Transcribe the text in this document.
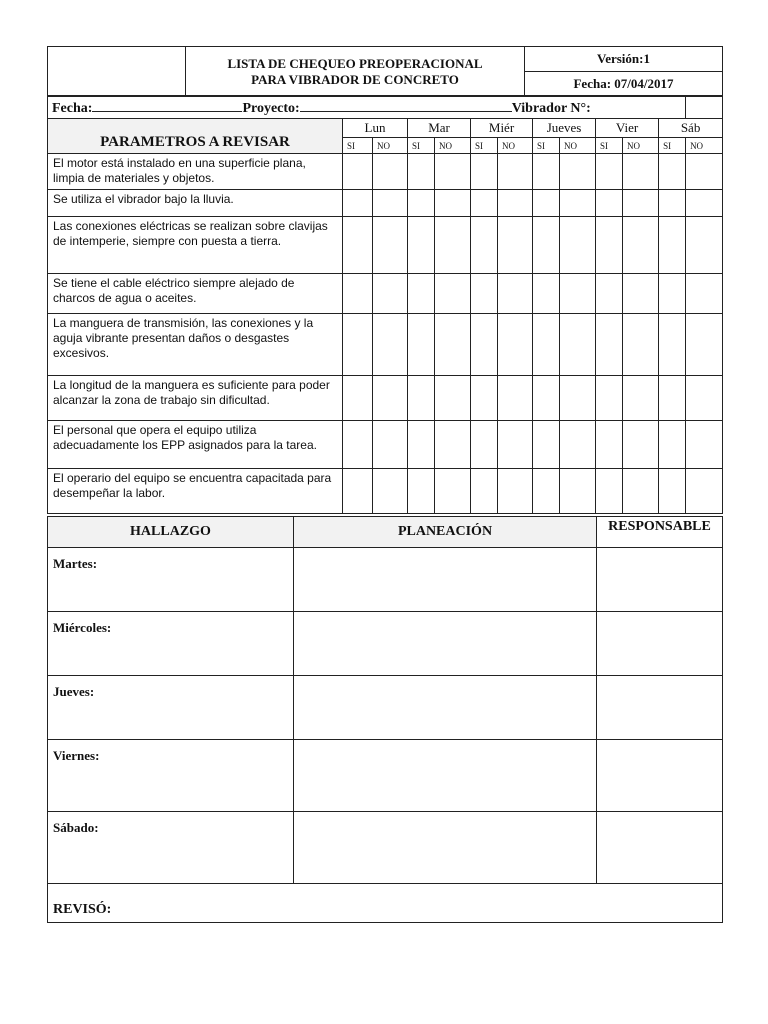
LISTA DE CHEQUEO PREOPERACIONAL
PARA VIBRADOR DE CONCRETO
	Versión:1
Fecha: 07/04/2017
Fecha:	Proyecto:	Vibrador N°:	
PARAMETROS A REVISAR	Lun		Mar		Miér		Jueves		Vier		Sáb	
	SI	NO	SI	NO	SI	NO	SI	NO	SI	NO	SI	NO
El motor está instalado en una superficie plana, limpia de materiales y objetos.												
Se utiliza el vibrador bajo la lluvia.												
Las conexiones eléctricas se realizan sobre clavijas de intemperie, siempre con puesta a tierra.												
Se tiene el cable eléctrico siempre alejado de charcos de agua o aceites.												
La manguera de transmisión, las conexiones y la aguja vibrante presentan daños o desgastes excesivos.												
La longitud de la manguera es suficiente para poder alcanzar la zona de trabajo sin dificultad.												
El personal que opera el equipo utiliza adecuadamente los EPP asignados para la tarea.												
El operario del equipo se encuentra capacitada para desempeñar la labor.												
HALLAZGO	PLANEACIÓN	RESPONSABLE
Martes:		
Miércoles:		
Jueves:		
Viernes:		
Sábado:		
REVISÓ:		
